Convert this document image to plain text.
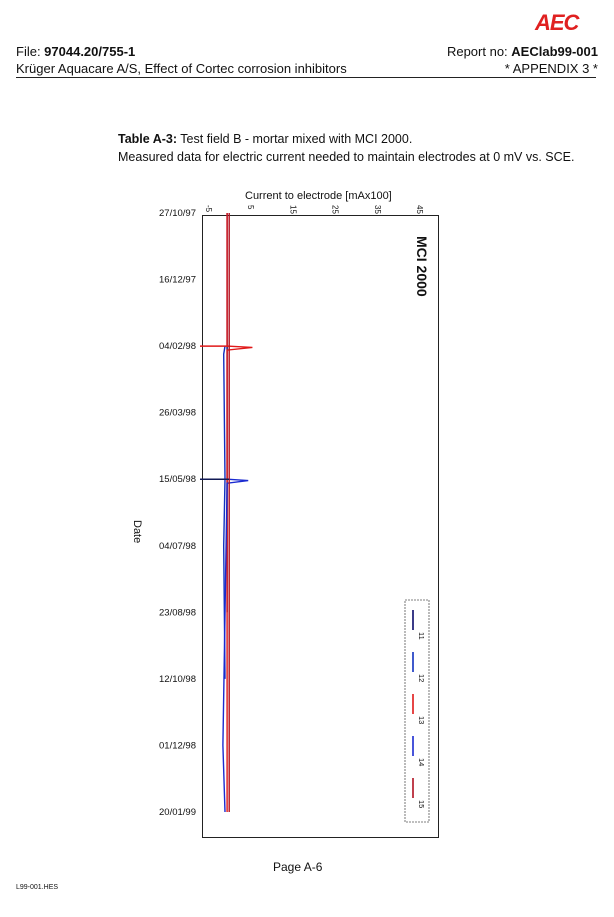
AEC
File: 97044.20/755-1	Report no: AEClab99-001
Krüger Aquacare A/S, Effect of Cortec corrosion inhibitors	* APPENDIX 3 *
Table A-3: Test field B - mortar mixed with MCI 2000.
Measured data for electric current needed to maintain electrodes at 0 mV vs. SCE.
Current to electrode [mAx100]
Date
MCI 2000
-5	5	15	25	35	45
27/10/97
16/12/97
04/02/98
26/03/98
15/05/98
04/07/98
23/08/98
12/10/98
01/12/98
20/01/99
11
12
13
14
15
Page A-6
L99-001.HES
